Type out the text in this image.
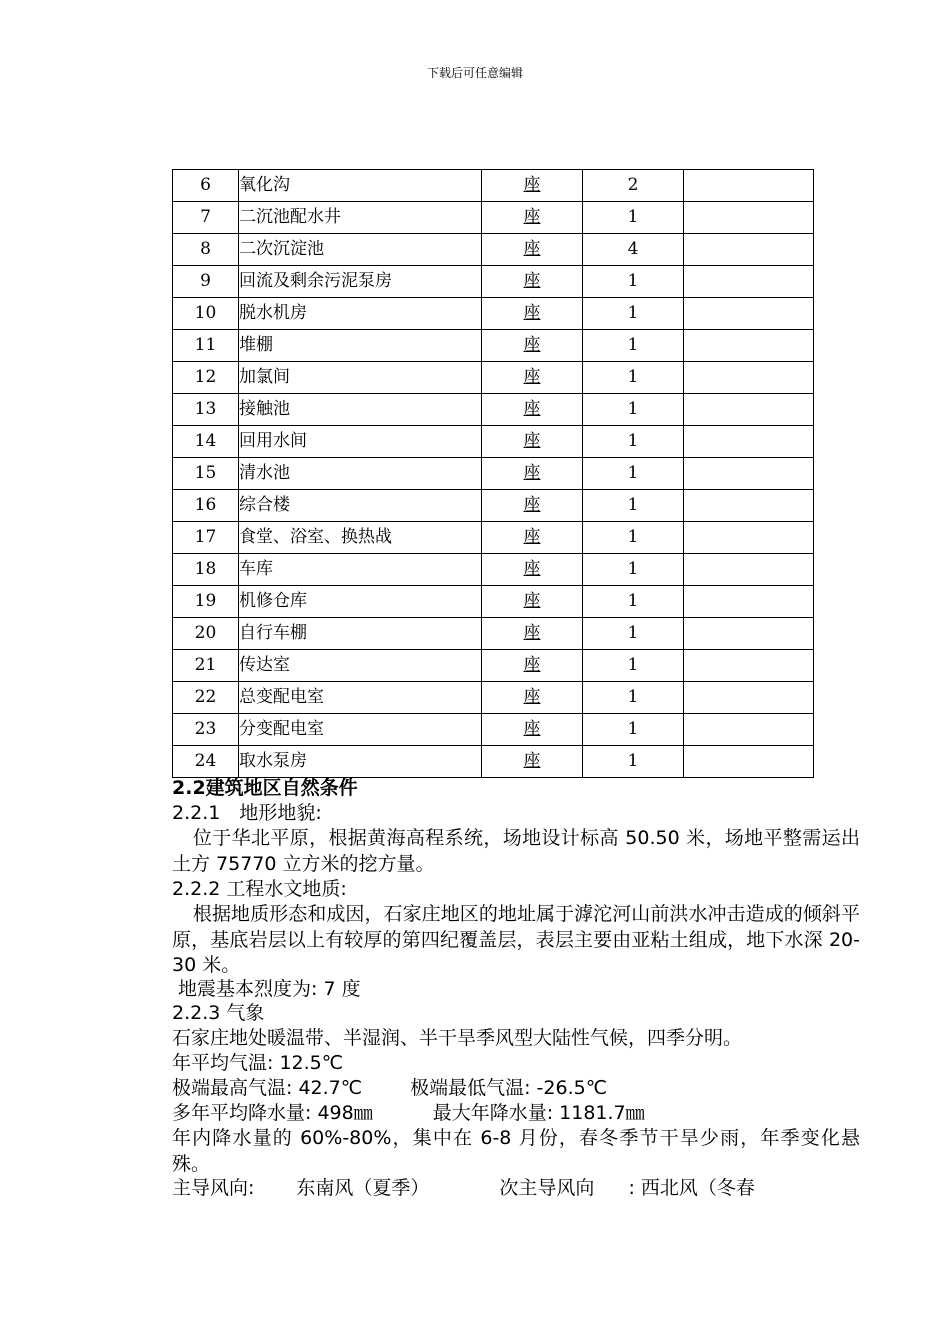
下载后可任意编辑
6	氧化沟	座	2	
7	二沉池配水井	座	1	
8	二次沉淀池	座	4	
9	回流及剩余污泥泵房	座	1	
10	脱水机房	座	1	
11	堆棚	座	1	
12	加氯间	座	1	
13	接触池	座	1	
14	回用水间	座	1	
15	清水池	座	1	
16	综合楼	座	1	
17	食堂、浴室、换热战	座	1	
18	车库	座	1	
19	机修仓库	座	1	
20	自行车棚	座	1	
21	传达室	座	1	
22	总变配电室	座	1	
23	分变配电室	座	1	
24	取水泵房	座	1	
2.2建筑地区自然条件
2.2.1　地形地貌:
位于华北平原，根据黄海高程系统，场地设计标高 50.50 米，场地平整需运出土方 75770 立方米的挖方量。
2.2.2 工程水文地质:
根据地质形态和成因，石家庄地区的地址属于滹沱河山前洪水冲击造成的倾斜平原，基底岩层以上有较厚的第四纪覆盖层，表层主要由亚粘土组成，地下水深 20-30 米。
地震基本烈度为: 7 度
2.2.3 气象
石家庄地处暖温带、半湿润、半干旱季风型大陆性气候，四季分明。
年平均气温: 12.5℃
极端最高气温: 42.7℃	极端最低气温: -26.5℃
多年平均降水量: 498㎜	最大年降水量: 1181.7㎜
年内降水量的 60%-80%，集中在 6-8 月份，春冬季节干旱少雨，年季变化悬殊。
主导风向: 东南风（夏季）	次主导风向 : 西北风（冬春
